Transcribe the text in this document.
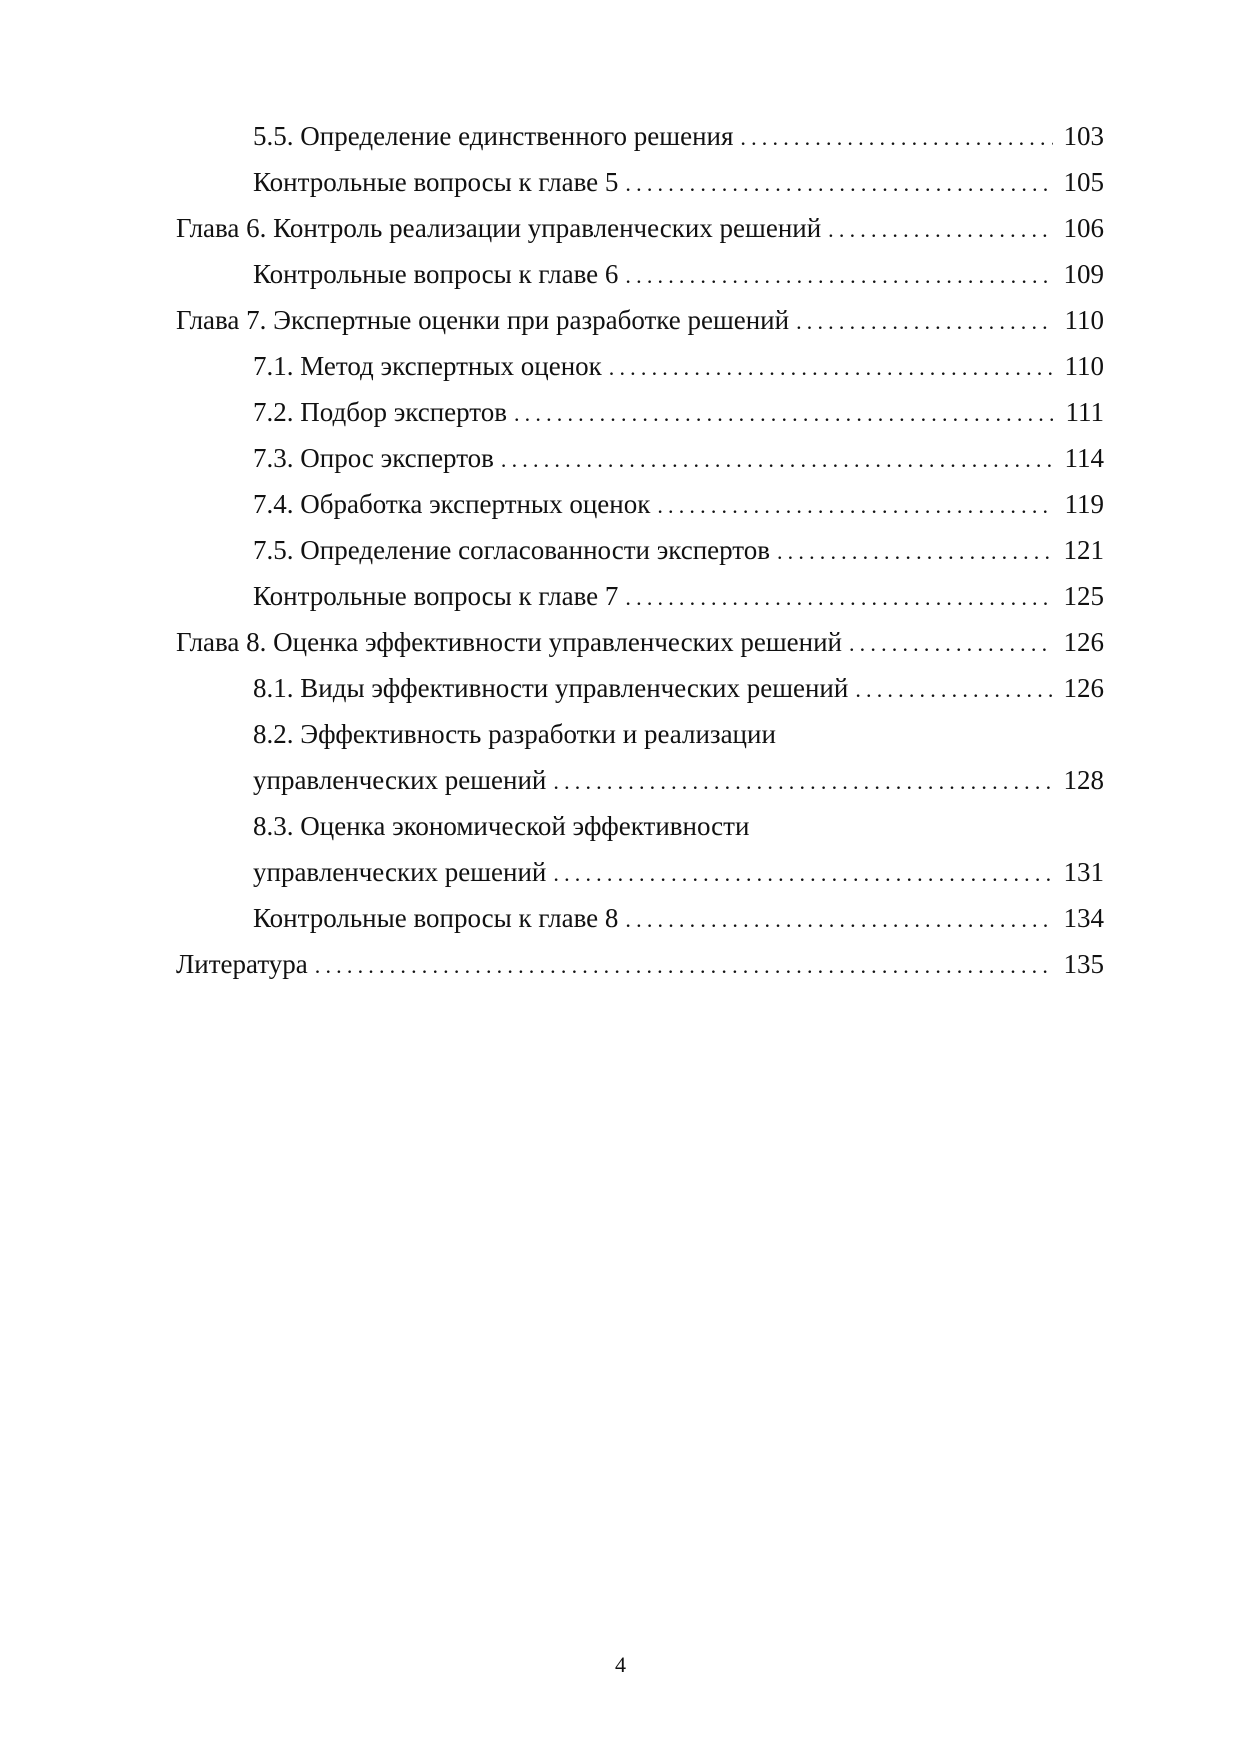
5.5. Определение единственного решения .....	103
Контрольные вопросы к главе 5 .....	105
Глава 6. Контроль реализации управленческих решений .....	106
Контрольные вопросы к главе 6 .....	109
Глава 7. Экспертные оценки при разработке решений .....	110
7.1. Метод экспертных оценок .....	110
7.2. Подбор экспертов .....	111
7.3. Опрос экспертов .....	114
7.4. Обработка экспертных оценок .....	119
7.5. Определение согласованности экспертов .....	121
Контрольные вопросы к главе 7 .....	125
Глава 8. Оценка эффективности управленческих решений .....	126
8.1. Виды эффективности управленческих решений .....	126
8.2. Эффективность разработки и реализации
управленческих решений .....	128
8.3. Оценка экономической эффективности
управленческих решений .....	131
Контрольные вопросы к главе 8 .....	134
Литература .....	135
4
